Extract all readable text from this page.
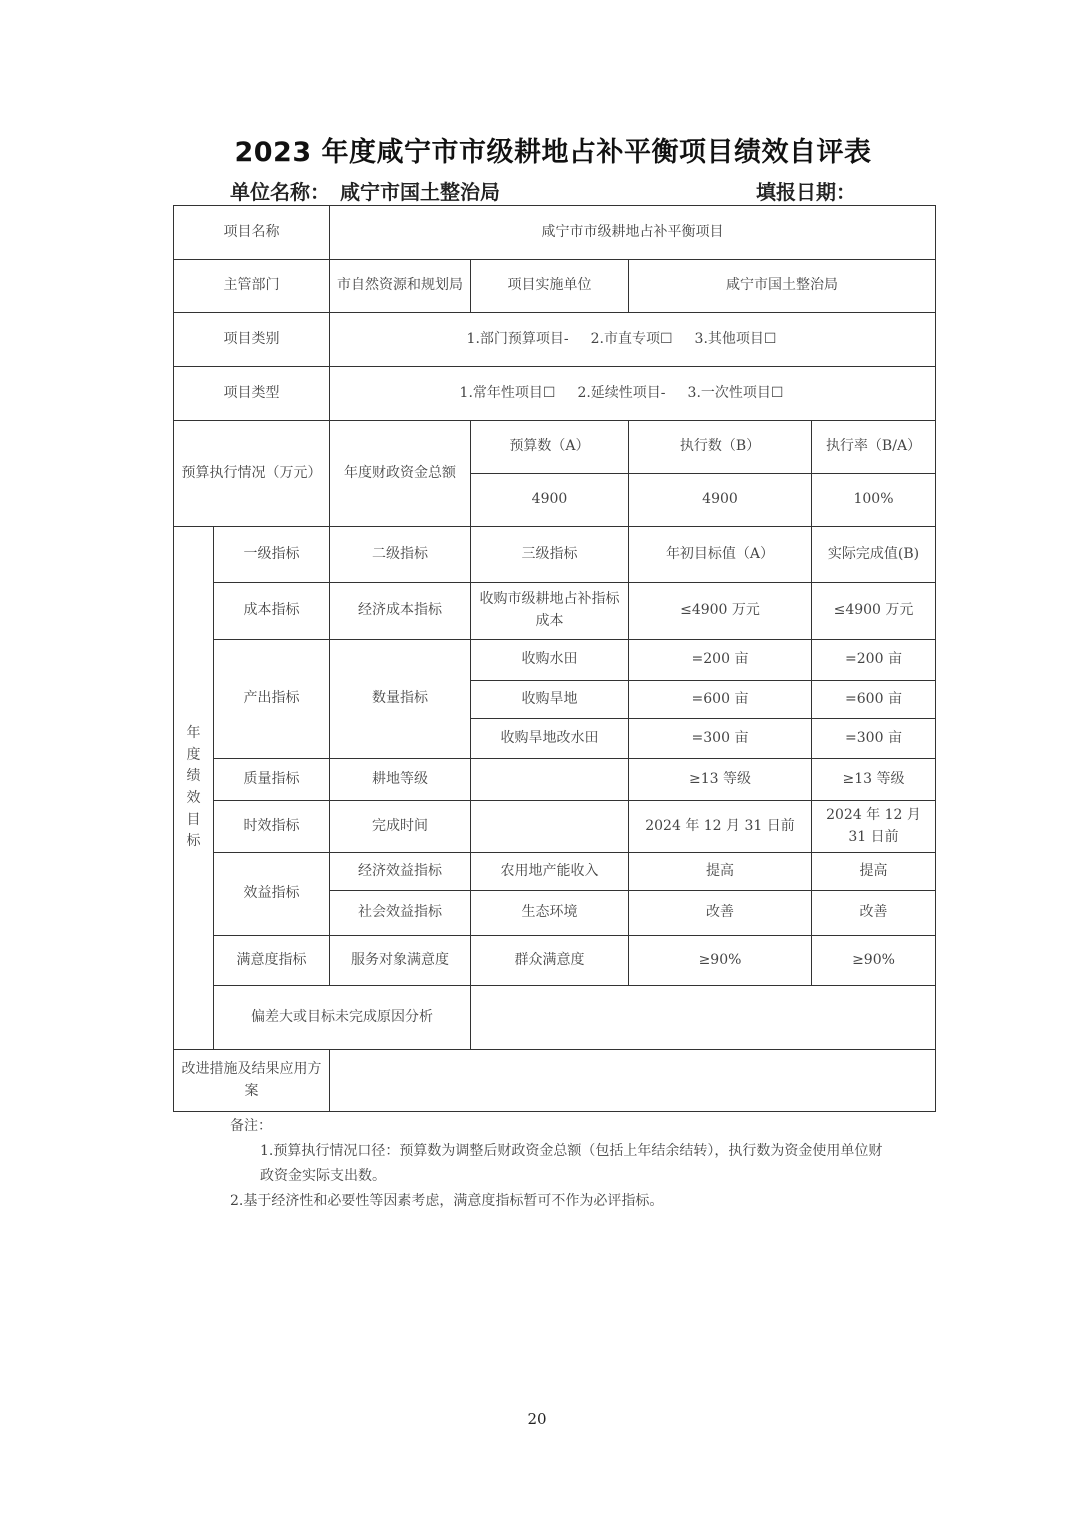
2023 年度咸宁市市级耕地占补平衡项目绩效自评表
单位名称： 咸宁市国土整治局	填报日期：
项目名称		咸宁市市级耕地占补平衡项目			
主管部门		市自然资源和规划局	项目实施单位	咸宁市国土整治局	
项目类别		1.部门预算项目- 2.市直专项☐ 3.其他项目☐			
项目类型		1.常年性项目☐ 2.延续性项目- 3.一次性项目☐			
预算执行情况（万元）		年度财政资金总额	预算数（A）	执行数（B）	执行率（B/A）
			4900	4900	100%

年度绩效目标	一级指标	二级指标	三级指标	年初目标值（A）	实际完成值(B)
	成本指标	经济成本指标	收购市级耕地占补指标成本	≤4900 万元	≤4900 万元
	产出指标	数量指标	收购水田	=200 亩	=200 亩
			收购旱地	=600 亩	=600 亩
			收购旱地改水田	=300 亩	=300 亩
	质量指标	耕地等级		≥13 等级	≥13 等级
	时效指标	完成时间		2024 年 12 月 31 日前	2024 年 12 月 31 日前
	效益指标	经济效益指标	农用地产能收入	提高	提高
		社会效益指标	生态环境	改善	改善
	满意度指标	服务对象满意度	群众满意度	≥90%	≥90%
	偏差大或目标未完成原因分析				
改进措施及结果应用方案					
备注：
1.预算执行情况口径：预算数为调整后财政资金总额（包括上年结余结转），执行数为资金使用单位财政资金实际支出数。
2.基于经济性和必要性等因素考虑，满意度指标暂可不作为必评指标。
20
